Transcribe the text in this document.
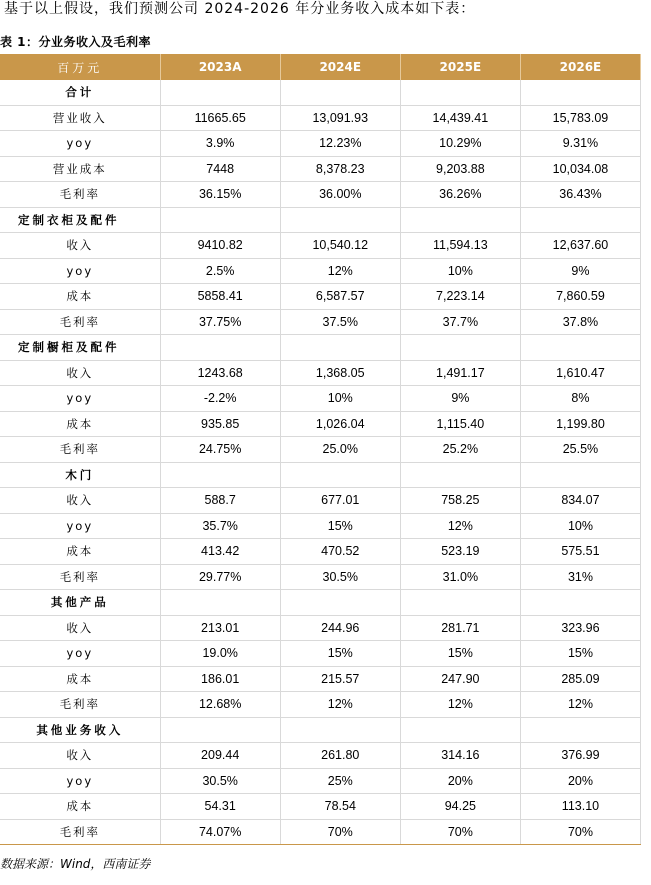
基于以上假设，我们预测公司 2024-2026 年分业务收入成本如下表：
表 1：分业务收入及毛利率
百万元	2023A	2024E	2025E	2026E
合计				
营业收入	11665.65	13,091.93	14,439.41	15,783.09
yoy	3.9%	12.23%	10.29%	9.31%
营业成本	7448	8,378.23	9,203.88	10,034.08
毛利率	36.15%	36.00%	36.26%	36.43%
定制衣柜及配件				
收入	9410.82	10,540.12	11,594.13	12,637.60
yoy	2.5%	12%	10%	9%
成本	5858.41	6,587.57	7,223.14	7,860.59
毛利率	37.75%	37.5%	37.7%	37.8%
定制橱柜及配件				
收入	1243.68	1,368.05	1,491.17	1,610.47
yoy	-2.2%	10%	9%	8%
成本	935.85	1,026.04	1,115.40	1,199.80
毛利率	24.75%	25.0%	25.2%	25.5%
木门				
收入	588.7	677.01	758.25	834.07
yoy	35.7%	15%	12%	10%
成本	413.42	470.52	523.19	575.51
毛利率	29.77%	30.5%	31.0%	31%
其他产品				
收入	213.01	244.96	281.71	323.96
yoy	19.0%	15%	15%	15%
成本	186.01	215.57	247.90	285.09
毛利率	12.68%	12%	12%	12%
其他业务收入				
收入	209.44	261.80	314.16	376.99
yoy	30.5%	25%	20%	20%
成本	54.31	78.54	94.25	113.10
毛利率	74.07%	70%	70%	70%
数据来源：Wind，西南证券
